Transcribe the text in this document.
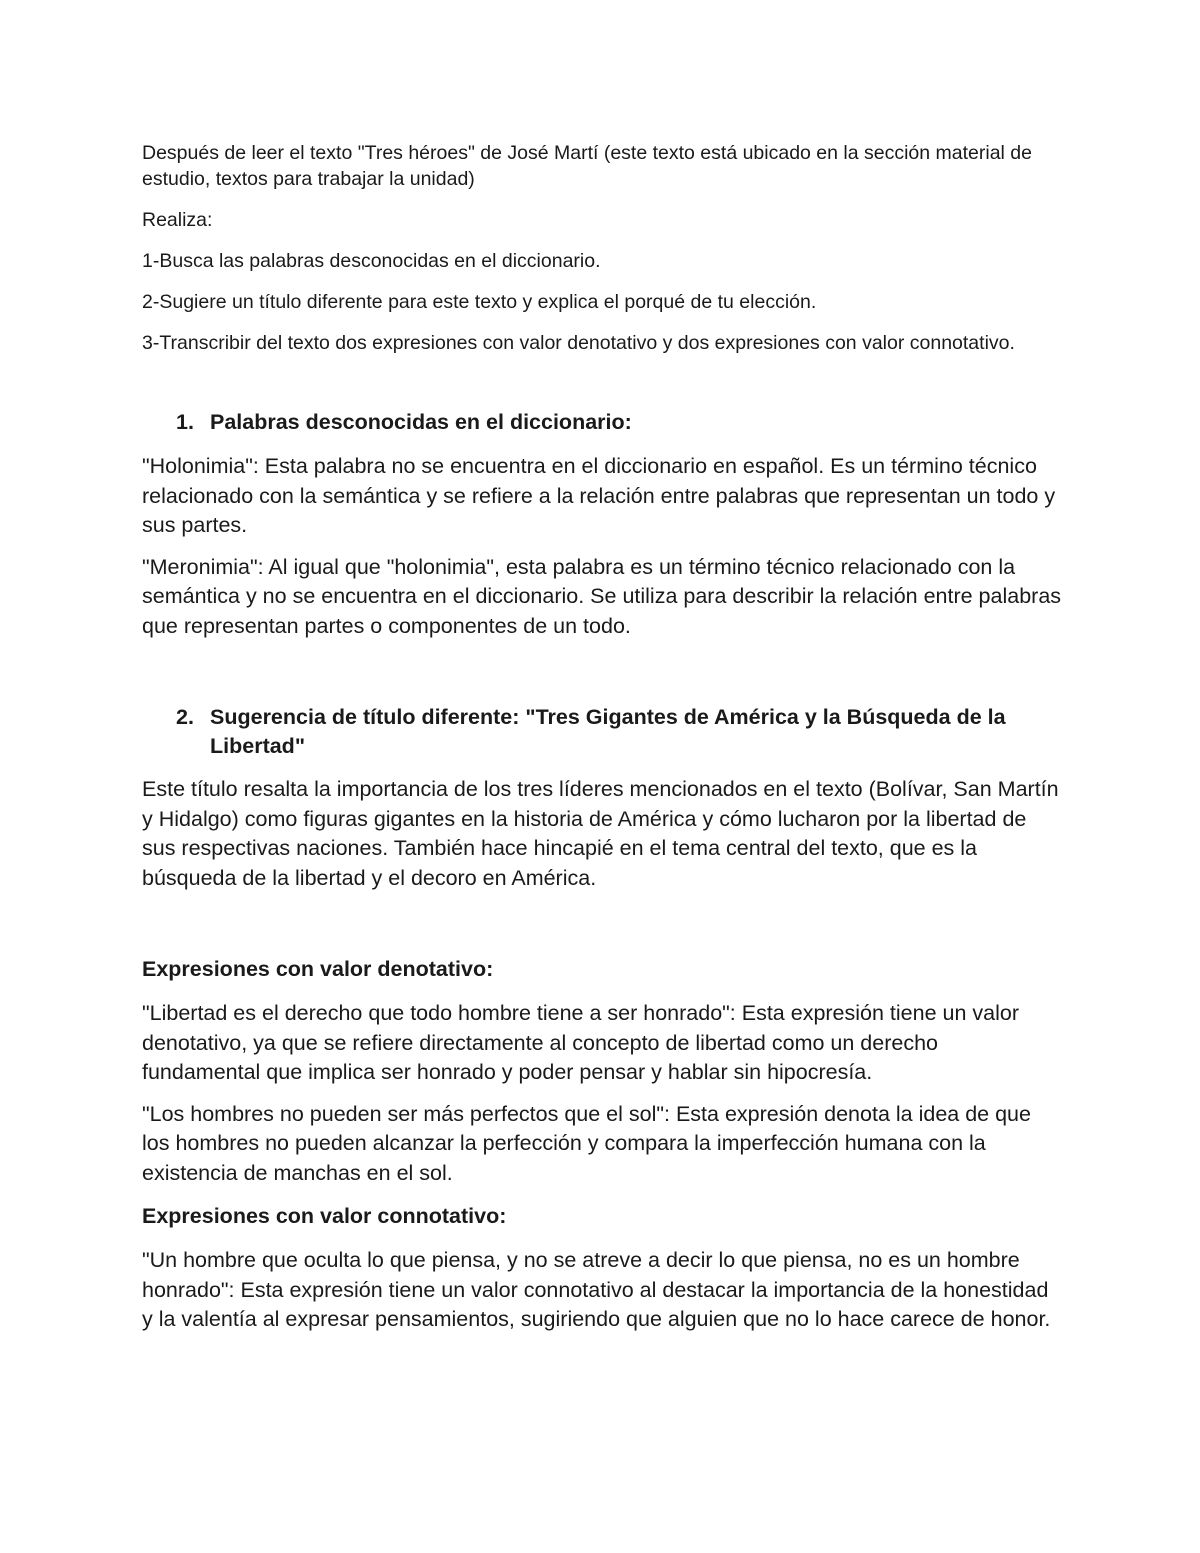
Después de leer el texto "Tres héroes" de José Martí (este texto está ubicado en la sección material de estudio, textos para trabajar la unidad)

Realiza:

1-Busca las palabras desconocidas en el diccionario.

2-Sugiere un título diferente para este texto y explica el porqué de tu elección.

3-Transcribir del texto dos expresiones con valor denotativo y dos expresiones con valor connotativo.

1. Palabras desconocidas en el diccionario:

"Holonimia": Esta palabra no se encuentra en el diccionario en español. Es un término técnico relacionado con la semántica y se refiere a la relación entre palabras que representan un todo y sus partes.

"Meronimia": Al igual que "holonimia", esta palabra es un término técnico relacionado con la semántica y no se encuentra en el diccionario. Se utiliza para describir la relación entre palabras que representan partes o componentes de un todo.

2. Sugerencia de título diferente: "Tres Gigantes de América y la Búsqueda de la Libertad"

Este título resalta la importancia de los tres líderes mencionados en el texto (Bolívar, San Martín y Hidalgo) como figuras gigantes en la historia de América y cómo lucharon por la libertad de sus respectivas naciones. También hace hincapié en el tema central del texto, que es la búsqueda de la libertad y el decoro en América.

Expresiones con valor denotativo:

"Libertad es el derecho que todo hombre tiene a ser honrado": Esta expresión tiene un valor denotativo, ya que se refiere directamente al concepto de libertad como un derecho fundamental que implica ser honrado y poder pensar y hablar sin hipocresía.

"Los hombres no pueden ser más perfectos que el sol": Esta expresión denota la idea de que los hombres no pueden alcanzar la perfección y compara la imperfección humana con la existencia de manchas en el sol.

Expresiones con valor connotativo:

"Un hombre que oculta lo que piensa, y no se atreve a decir lo que piensa, no es un hombre honrado": Esta expresión tiene un valor connotativo al destacar la importancia de la honestidad y la valentía al expresar pensamientos, sugiriendo que alguien que no lo hace carece de honor.
